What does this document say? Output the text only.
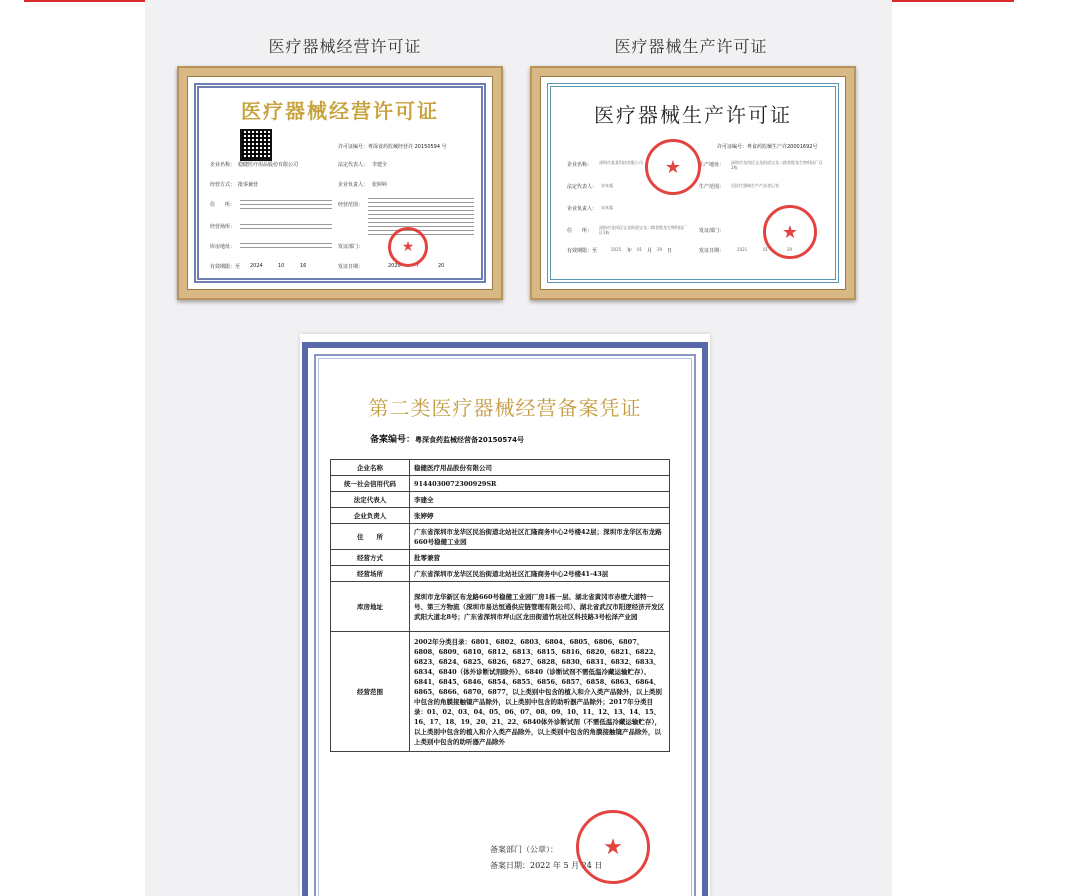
医疗器械经营许可证	医疗器械生产许可证
医疗器械经营许可证
许可证编号：粤深食药监械经营许 20150594 号
企业名称： 稳健医疗用品股份有限公司	法定代表人： 李建全
经营方式： 批零兼营	企业负责人： 张婷婷
住　　所：	经营范围：
经营场所：
库房地址：	发证部门：
有效期限：至 2024	10	16	发证日期：	2020	7	20
★
医疗器械生产许可证
许可证编号：粤食药监械生产许20001692号
企业名称： 深圳市某某科技有限公司	生产地址： 深圳市龙岗区宝龙街道宝龙二路者熙龙生物科技厂区2栋
法定代表人： 宋本露	生产范围： 见医疗器械生产产品登记表
企业负责人： 宋本露
住　　所：
深圳市龙岗区宝龙街道宝龙二路者熙龙生物科技厂区1栋	发证部门：
有效期限：至	2025 年 01 月 29 日	发证日期：	2021	01	29
★
★
第二类医疗器械经营备案凭证
备案编号：粤深食药监械经营备20150574号
企业名称	稳健医疗用品股份有限公司
统一社会信用代码	9144030072300929SR
法定代表人	李建全
企业负责人	张婷婷
住　　所	广东省深圳市龙华区民治街道北站社区汇隆商务中心2号楼42层；深圳市龙华区布龙路660号稳健工业园
经营方式	批零兼营
经营场所	广东省深圳市龙华区民治街道北站社区汇隆商务中心2号楼41-43层
库房地址	深圳市龙华新区布龙路660号稳健工业园厂房1栋一层、湖北省黄冈市赤壁大道特一号、第三方物流（深圳市易达恒通供应链管理有限公司）、湖北省武汉市阳逻经济开发区武阳大道北8号；广东省深圳市坪山区龙田街道竹坑社区科技路3号松泽产业园
经营范围	2002年分类目录：6801、6802、6803、6804、6805、6806、6807、6808、6809、6810、6812、6813、6815、6816、6820、6821、6822、6823、6824、6825、6826、6827、6828、6830、6831、6832、6833、6834、6840（体外诊断试剂除外）、6840（诊断试剂不需低温冷藏运输贮存）、6841、6845、6846、6854、6855、6856、6857、6858、6863、6864、6865、6866、6870、6877，以上类别中包含的植入和介入类产品除外，以上类别中包含的角膜接触镜产品除外，以上类别中包含的助听器产品除外；2017年分类目录：01、02、03、04、05、06、07、08、09、10、11、12、13、14、15、16、17、18、19、20、21、22、6840体外诊断试剂（不需低温冷藏运输贮存），以上类别中包含的植入和介入类产品除外，以上类别中包含的角膜接触镜产品除外，以上类别中包含的助听器产品除外
备案部门（公章）：
备案日期：2022 年 5 月 24 日
★
